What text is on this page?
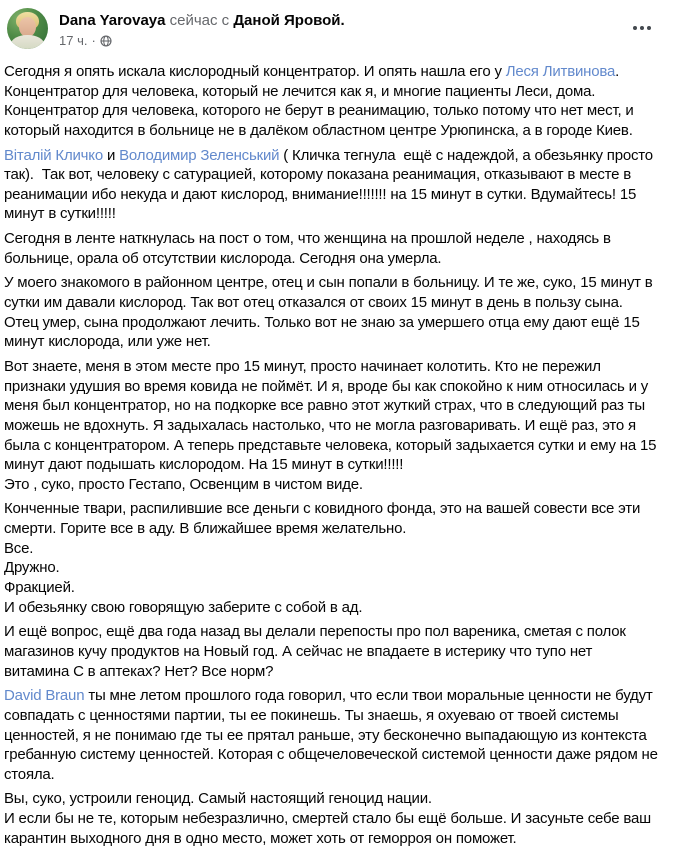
Dana Yarovaya сейчас с Даной Яровой.
17 ч. ·

Сегодня я опять искала кислородный концентратор. И опять нашла его у Леся Литвинова. Концентратор для человека, который не лечится как я, и многие пациенты Леси, дома. Концентратор для человека, которого не берут в реанимацию, только потому что нет мест, и который находится в больнице не в далёком областном центре Урюпинска, а в городе Киев.

Віталій Кличко и Володимир Зеленський ( Кличка тегнула  ещё с надеждой, а обезьянку просто так).  Так вот, человеку с сатурацией, которому показана реанимация, отказывают в месте в реанимации ибо некуда и дают кислород, внимание!!!!!!! на 15 минут в сутки. Вдумайтесь! 15 минут в сутки!!!!!

Сегодня в ленте наткнулась на пост о том, что женщина на прошлой неделе , находясь в больнице, орала об отсутствии кислорода. Сегодня она умерла.

У моего знакомого в районном центре, отец и сын попали в больницу. И те же, суко, 15 минут в сутки им давали кислород. Так вот отец отказался от своих 15 минут в день в пользу сына. Отец умер, сына продолжают лечить. Только вот не знаю за умершего отца ему дают ещё 15 минут кислорода, или уже нет.

Вот знаете, меня в этом месте про 15 минут, просто начинает колотить. Кто не пережил признаки удушия во время ковида не поймёт. И я, вроде бы как спокойно к ним относилась и у меня был концентратор, но на подкорке все равно этот жуткий страх, что в следующий раз ты можешь не вдохнуть. Я задыхалась настолько, что не могла разговаривать. И ещё раз, это я была с концентратором. А теперь представьте человека, который задыхается сутки и ему на 15 минут дают подышать кислородом. На 15 минут в сутки!!!!!
Это , суко, просто Гестапо, Освенцим в чистом виде.

Конченные твари, распилившие все деньги с ковидного фонда, это на вашей совести все эти смерти. Горите все в аду. В ближайшее время желательно.
Все.
Дружно.
Фракцией.
И обезьянку свою говорящую заберите с собой в ад.

И ещё вопрос, ещё два года назад вы делали перепосты про пол вареника, сметая с полок магазинов кучу продуктов на Новый год. А сейчас не впадаете в истерику что тупо нет витамина С в аптеках? Нет? Все норм?

David Braun ты мне летом прошлого года говорил, что если твои моральные ценности не будут совпадать с ценностями партии, ты ее покинешь. Ты знаешь, я охуеваю от твоей системы ценностей, я не понимаю где ты ее прятал раньше, эту бесконечно выпадающую из контекста гребанную систему ценностей. Которая с общечеловеческой системой ценности даже рядом не стояла.

Вы, суко, устроили геноцид. Самый настоящий геноцид нации.
И если бы не те, которым небезразлично, смертей стало бы ещё больше. И засуньте себе ваш карантин выходного дня в одно место, может хоть от геморроя он поможет.
